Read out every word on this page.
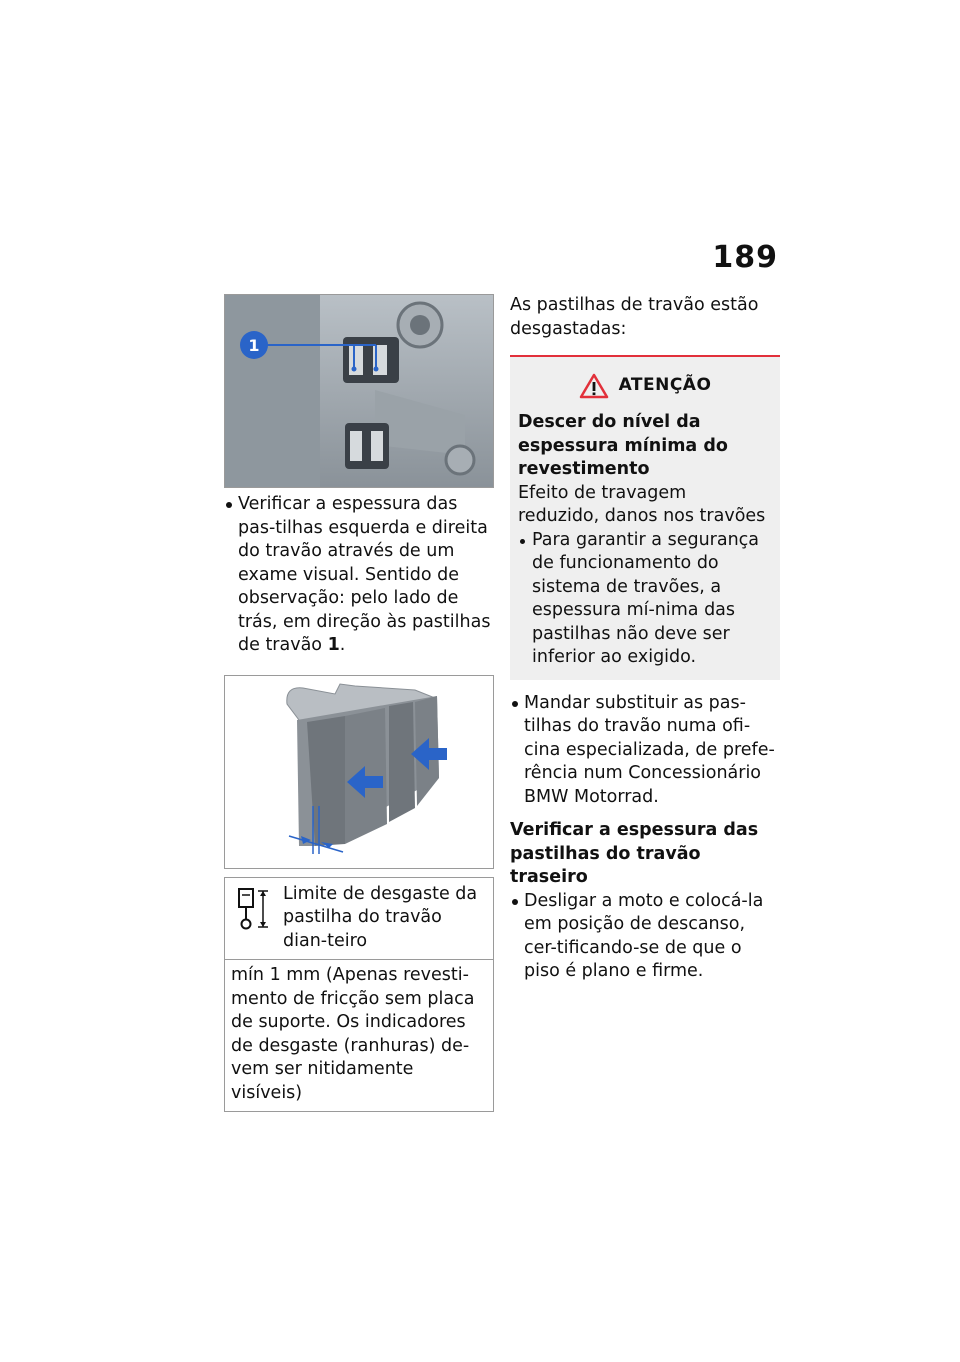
189
1
Verificar a espessura das pas-tilhas esquerda e direita do travão através de um exame visual. Sentido de observação: pelo lado de trás, em direção às pastilhas de travão 1.
Limite de desgaste da pastilha do travão dian-teiro
mín 1 mm (Apenas revesti-mento de fricção sem placa de suporte. Os indicadores de desgaste (ranhuras) de-vem ser nitidamente visíveis)
As pastilhas de travão estão desgastadas:
ATENÇÃO
Descer do nível da espessura mínima do revestimento
Efeito de travagem reduzido, danos nos travões
Para garantir a segurança de funcionamento do sistema de travões, a espessura mí-nima das pastilhas não deve ser inferior ao exigido.
Mandar substituir as pas-tilhas do travão numa ofi-cina especializada, de prefe-rência num Concessionário BMW Motorrad.
Verificar a espessura das pastilhas do travão traseiro
Desligar a moto e colocá-la em posição de descanso, cer-tificando-se de que o piso é plano e firme.
